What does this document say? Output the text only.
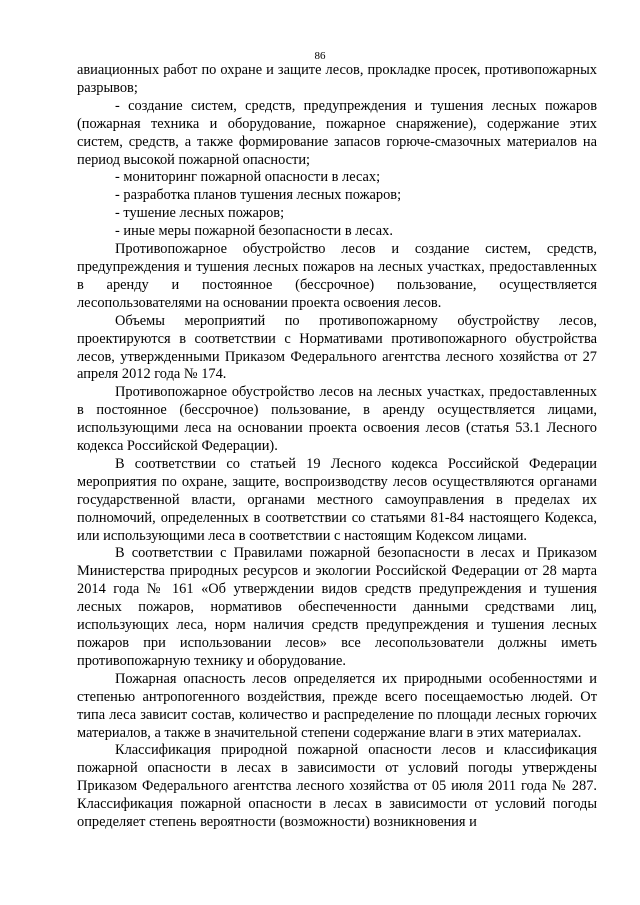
86

авиационных работ по охране и защите лесов, прокладке просек, противопожарных разрывов;

- создание систем, средств, предупреждения и тушения лесных пожаров (пожарная техника и оборудование, пожарное снаряжение), содержание этих систем, средств, а также формирование запасов горюче-смазочных материалов на период высокой пожарной опасности;

- мониторинг пожарной опасности в лесах;

- разработка планов тушения лесных пожаров;

- тушение лесных пожаров;

- иные меры пожарной безопасности в лесах.

Противопожарное обустройство лесов и создание систем, средств, предупреждения и тушения лесных пожаров на лесных участках, предоставленных в аренду и постоянное (бессрочное) пользование, осуществляется лесопользователями на основании проекта освоения лесов.

Объемы мероприятий по противопожарному обустройству лесов, проектируются в соответствии с Нормативами противопожарного обустройства лесов, утвержденными Приказом Федерального агентства лесного хозяйства от 27 апреля 2012 года № 174.

Противопожарное обустройство лесов на лесных участках, предоставленных в постоянное (бессрочное) пользование, в аренду осуществляется лицами, использующими леса на основании проекта освоения лесов (статья 53.1 Лесного кодекса Российской Федерации).

В соответствии со статьей 19 Лесного кодекса Российской Федерации мероприятия по охране, защите, воспроизводству лесов осуществляются органами государственной власти, органами местного самоуправления в пределах их полномочий, определенных в соответствии со статьями 81-84 настоящего Кодекса, или использующими леса в соответствии с настоящим Кодексом лицами.

В соответствии с Правилами пожарной безопасности в лесах и Приказом Министерства природных ресурсов и экологии Российской Федерации от 28 марта 2014 года № 161 «Об утверждении видов средств предупреждения и тушения лесных пожаров, нормативов обеспеченности данными средствами лиц, использующих леса, норм наличия средств предупреждения и тушения лесных пожаров при использовании лесов» все лесопользователи должны иметь противопожарную технику и оборудование.

Пожарная опасность лесов определяется их природными особенностями и степенью антропогенного воздействия, прежде всего посещаемостью людей. От типа леса зависит состав, количество и распределение по площади лесных горючих материалов, а также в значительной степени содержание влаги в этих материалах.

Классификация природной пожарной опасности лесов и классификация пожарной опасности в лесах в зависимости от условий погоды утверждены Приказом Федерального агентства лесного хозяйства от 05 июля 2011 года № 287. Классификация пожарной опасности в лесах в зависимости от условий погоды определяет степень вероятности (возможности) возникновения и
